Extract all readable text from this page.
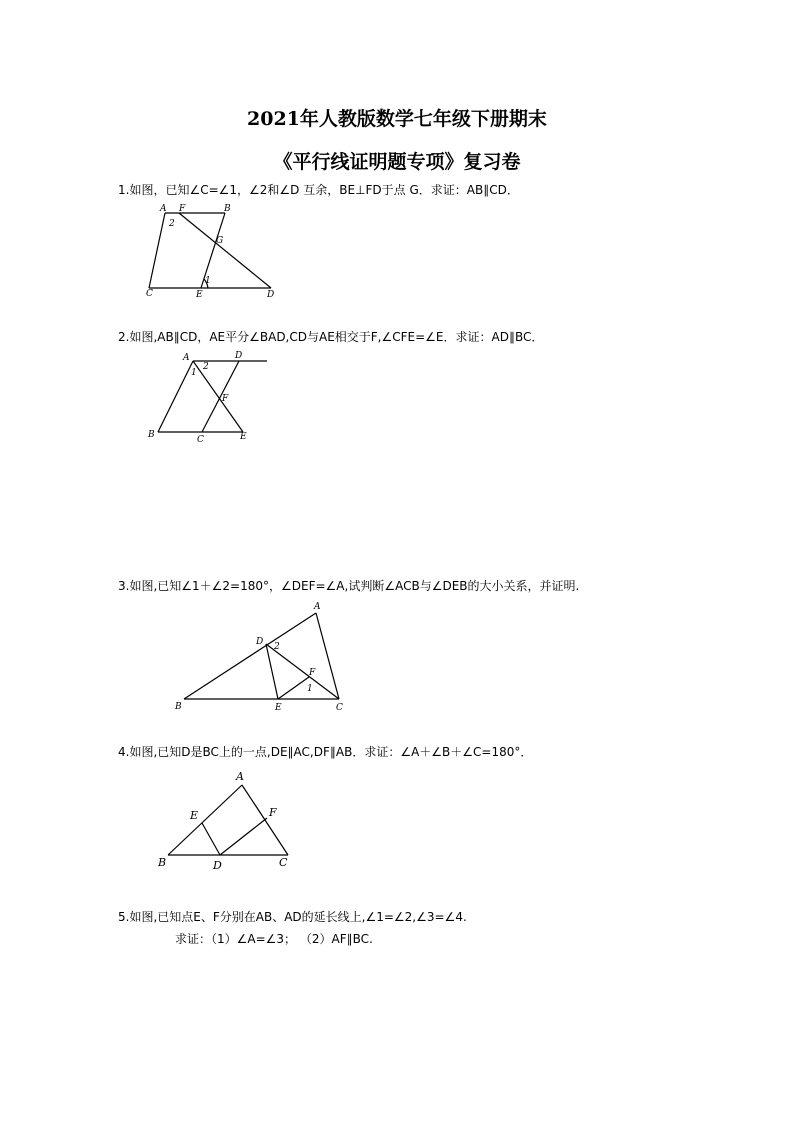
2021年人教版数学七年级下册期末
《平行线证明题专项》复习卷
1.如图，已知∠C=∠1，∠2和∠D 互余，BE⊥FD于点 G．求证：AB∥CD．
A F	B
2
G
1
C	E	D
2.如图,AB∥CD，AE平分∠BAD,CD与AE相交于F,∠CFE=∠E．求证：AD∥BC．
A	D
1
2
F
B	C	E
3.如图,已知∠1＋∠2=180°，∠DEF=∠A,试判断∠ACB与∠DEB的大小关系，并证明.
A
D 2
F
1
B	E	C
4.如图,已知D是BC上的一点,DE∥AC,DF∥AB．求证：∠A＋∠B＋∠C=180°．
A
E	F
B	D	C
5.如图,已知点E、F分别在AB、AD的延长线上,∠1=∠2,∠3=∠4.
求证：（1）∠A=∠3； （2）AF∥BC.
